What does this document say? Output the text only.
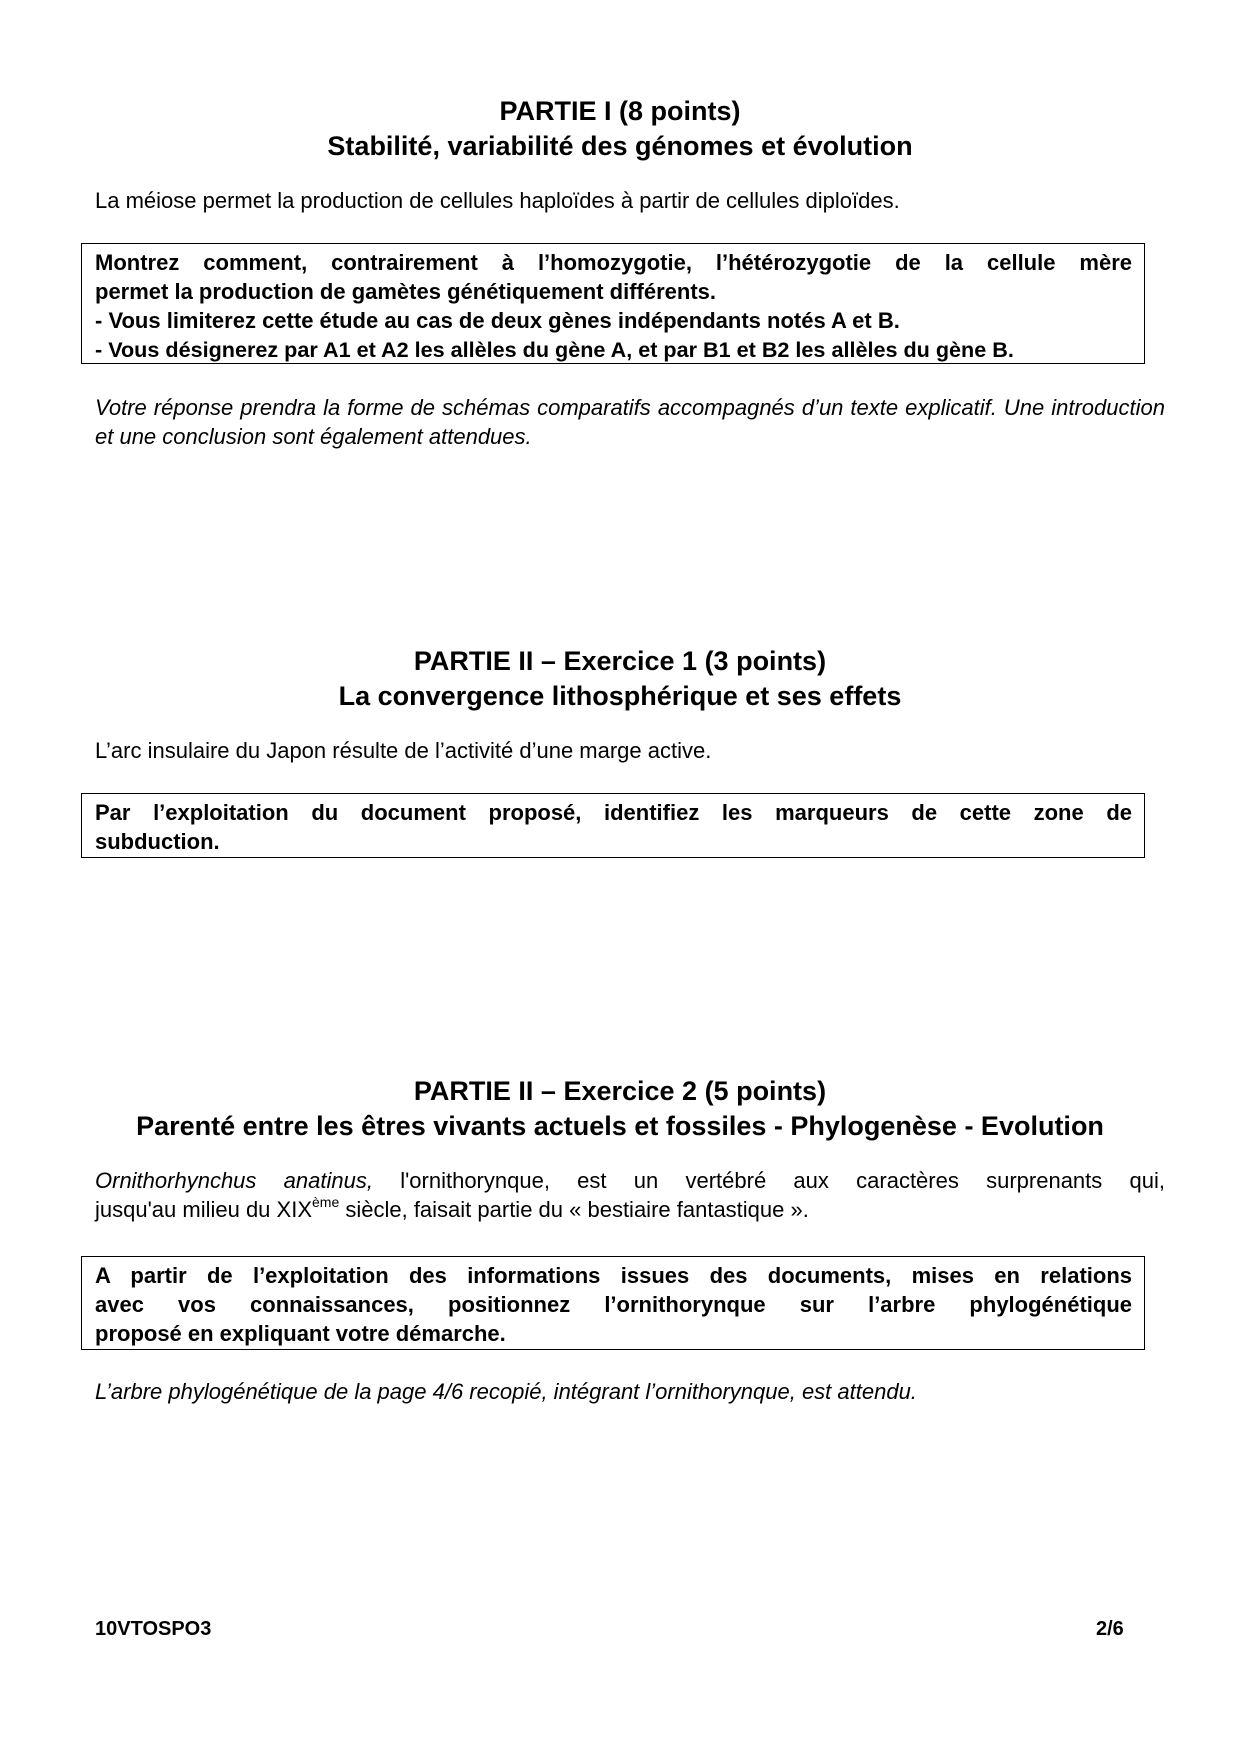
PARTIE I (8 points)
Stabilité, variabilité des génomes et évolution
La méiose permet la production de cellules haploïdes à partir de cellules diploïdes.
Montrez comment, contrairement à l’homozygotie, l’hétérozygotie de la cellule mère
permet la production de gamètes génétiquement différents.
- Vous limiterez cette étude au cas de deux gènes indépendants notés A et B.
- Vous désignerez par A1 et A2 les allèles du gène A, et par B1 et B2 les allèles du gène B.
Votre réponse prendra la forme de schémas comparatifs accompagnés d’un texte explicatif. Une introduction et une conclusion sont également attendues.
PARTIE II – Exercice 1 (3 points)
La convergence lithosphérique et ses effets
L’arc insulaire du Japon résulte de l’activité d’une marge active.
Par l’exploitation du document proposé, identifiez les marqueurs de cette zone de
subduction.
PARTIE II – Exercice 2 (5 points)
Parenté entre les êtres vivants actuels et fossiles - Phylogenèse - Evolution
Ornithorhynchus anatinus, l'ornithorynque, est un vertébré aux caractères surprenants qui,
jusqu'au milieu du XIXème siècle, faisait partie du « bestiaire fantastique ».
A partir de l’exploitation des informations issues des documents, mises en relations
avec vos connaissances, positionnez l’ornithorynque sur l’arbre phylogénétique
proposé en expliquant votre démarche.
L’arbre phylogénétique de la page 4/6 recopié, intégrant l’ornithorynque, est attendu.
10VTOSPO3	2/6
